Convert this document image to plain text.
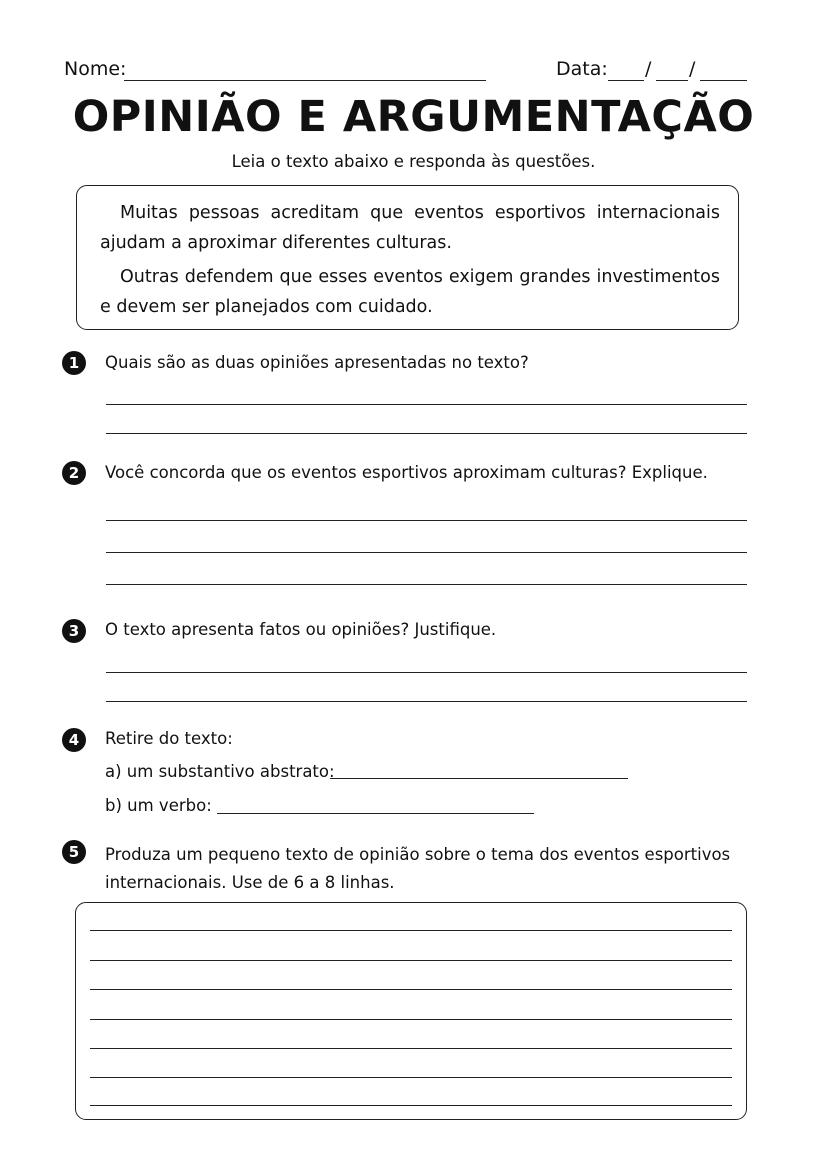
Nome:	Data: / /
OPINIÃO E ARGUMENTAÇÃO
Leia o texto abaixo e responda às questões.
Muitas pessoas acreditam que eventos esportivos internacionais ajudam a aproximar diferentes culturas.
Outras defendem que esses eventos exigem grandes investimentos e devem ser planejados com cuidado.
1	Quais são as duas opiniões apresentadas no texto?
2	Você concorda que os eventos esportivos aproximam culturas? Explique.
3	O texto apresenta fatos ou opiniões? Justifique.
4	Retire do texto:
a) um substantivo abstrato:
b) um verbo:
5	Produza um pequeno texto de opinião sobre o tema dos eventos esportivos internacionais. Use de 6 a 8 linhas.
